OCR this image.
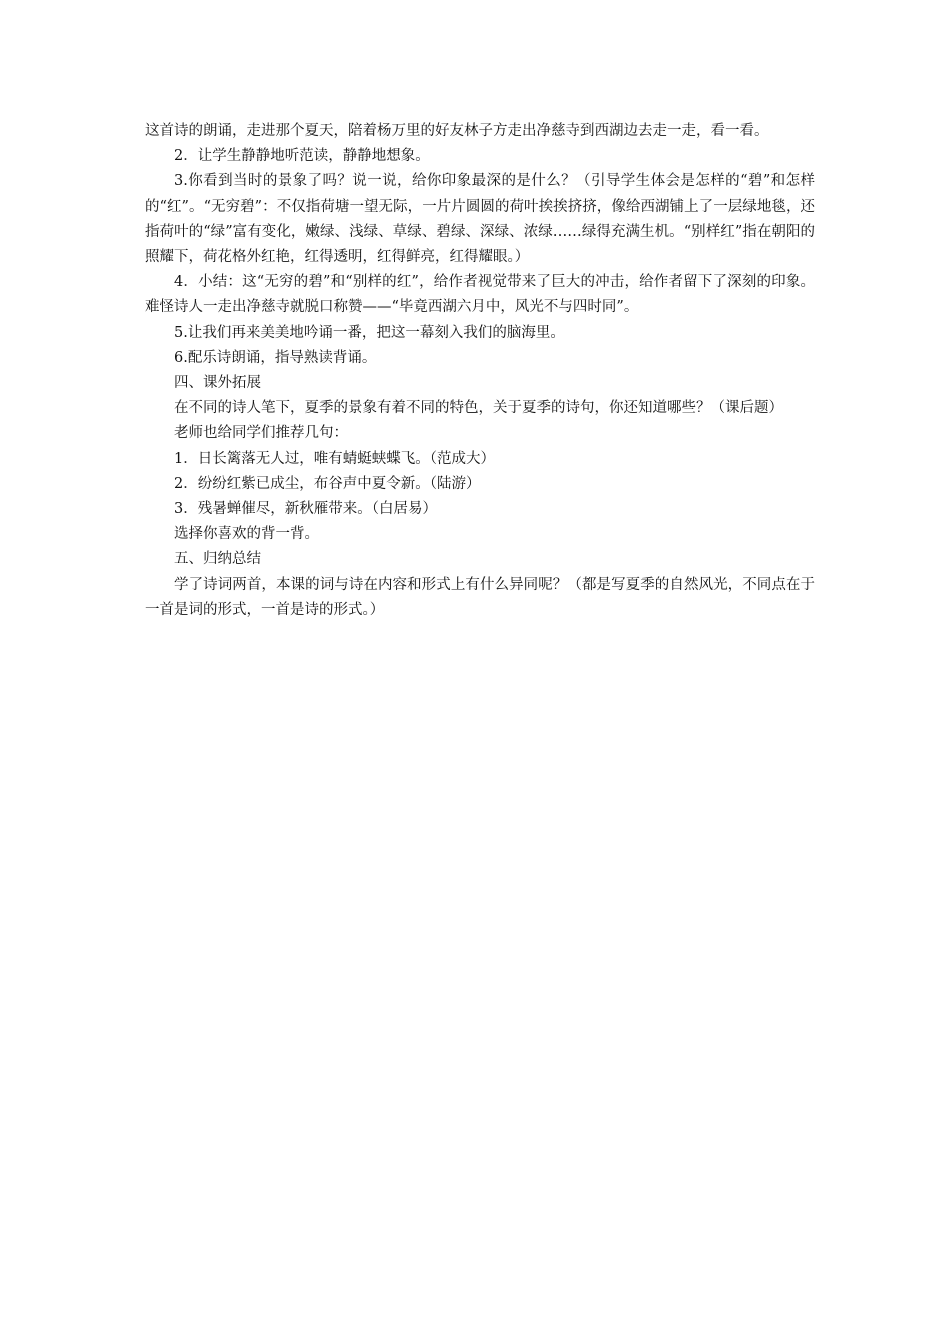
这首诗的朗诵，走进那个夏天，陪着杨万里的好友林子方走出净慈寺到西湖边去走一走，看一看。

2．让学生静静地听范读，静静地想象。

3.你看到当时的景象了吗？说一说，给你印象最深的是什么？（引导学生体会是怎样的“碧”和怎样的“红”。“无穷碧”：不仅指荷塘一望无际，一片片圆圆的荷叶挨挨挤挤，像给西湖铺上了一层绿地毯，还指荷叶的“绿”富有变化，嫩绿、浅绿、草绿、碧绿、深绿、浓绿……绿得充满生机。“别样红”指在朝阳的照耀下，荷花格外红艳，红得透明，红得鲜亮，红得耀眼。）

4．小结：这“无穷的碧”和“别样的红”，给作者视觉带来了巨大的冲击，给作者留下了深刻的印象。难怪诗人一走出净慈寺就脱口称赞——“毕竟西湖六月中，风光不与四时同”。

5.让我们再来美美地吟诵一番，把这一幕刻入我们的脑海里。

6.配乐诗朗诵，指导熟读背诵。

四、课外拓展

在不同的诗人笔下，夏季的景象有着不同的特色，关于夏季的诗句，你还知道哪些？（课后题）

老师也给同学们推荐几句：

1．日长篱落无人过，唯有蜻蜓蛱蝶飞。（范成大）

2．纷纷红紫已成尘，布谷声中夏令新。（陆游）

3．残暑蝉催尽，新秋雁带来。（白居易）

选择你喜欢的背一背。

五、归纳总结

学了诗词两首，本课的词与诗在内容和形式上有什么异同呢？（都是写夏季的自然风光，不同点在于一首是词的形式，一首是诗的形式。）
